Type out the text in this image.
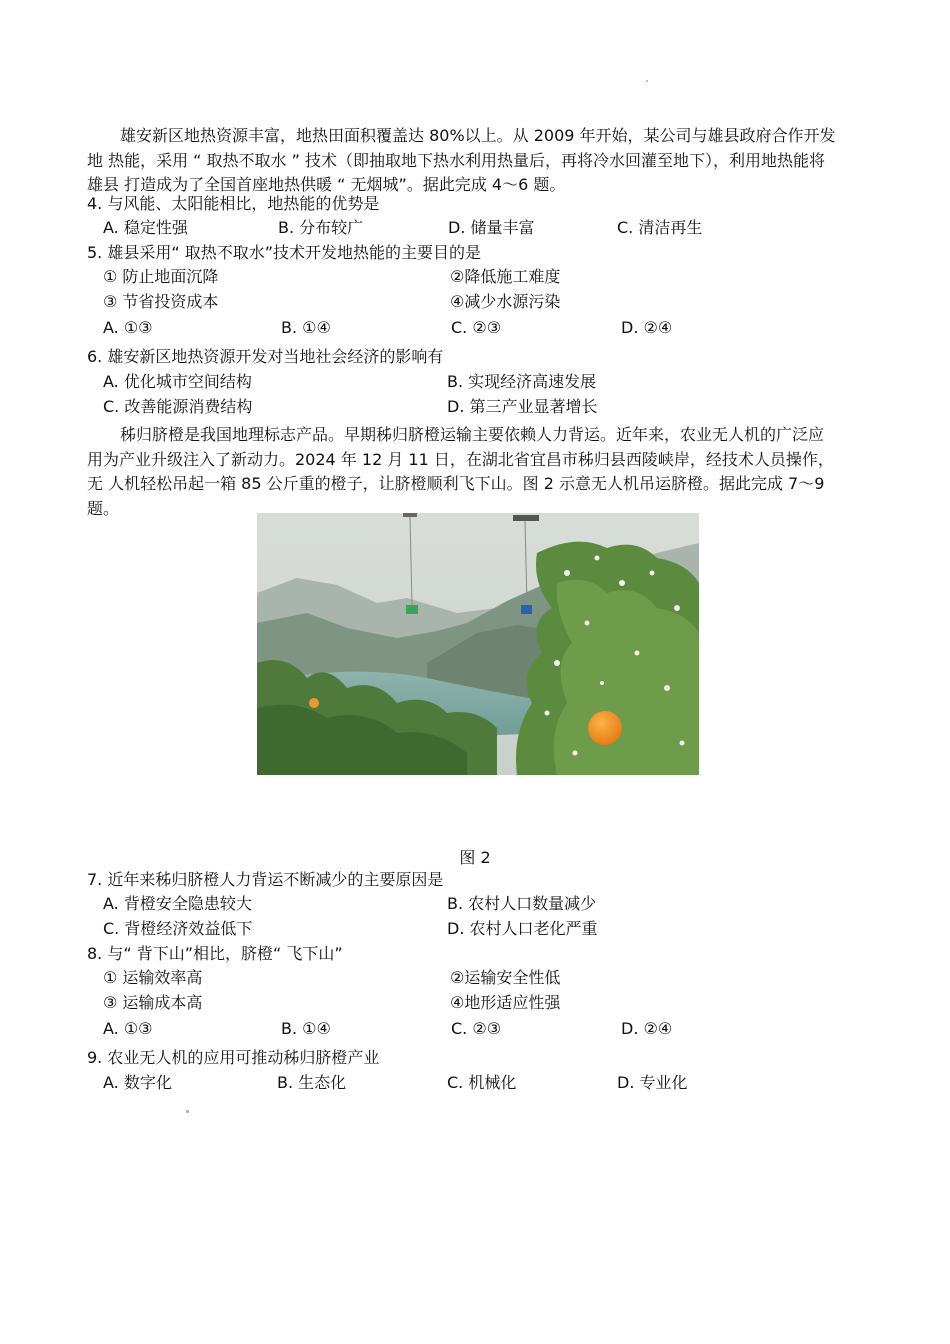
雄安新区地热资源丰富，地热田面积覆盖达 80%以上。从 2009 年开始，某公司与雄县政府合作开发
地 热能，采用 “ 取热不取水 ” 技术（即抽取地下热水利用热量后，再将冷水回灌至地下），利用地热能将
雄县 打造成为了全国首座地热供暖 “ 无烟城”。据此完成 4～6 题。
4. 与风能、太阳能相比，地热能的优势是
A. 稳定性强	B. 分布较广	D. 储量丰富	C. 清洁再生
5. 雄县采用“ 取热不取水”技术开发地热能的主要目的是
① 防止地面沉降	②降低施工难度
③ 节省投资成本	④减少水源污染
A. ①③	B. ①④	C. ②③	D. ②④
6. 雄安新区地热资源开发对当地社会经济的影响有
A. 优化城市空间结构	B. 实现经济高速发展
C. 改善能源消费结构	D. 第三产业显著增长
秭归脐橙是我国地理标志产品。早期秭归脐橙运输主要依赖人力背运。近年来，农业无人机的广泛应
用为产业升级注入了新动力。2024 年 12 月 11 日，在湖北省宜昌市秭归县西陵峡岸，经技术人员操作，
无 人机轻松吊起一箱 85 公斤重的橙子，让脐橙顺利飞下山。图 2 示意无人机吊运脐橙。据此完成 7～9
题。
图 2
7. 近年来秭归脐橙人力背运不断减少的主要原因是
A. 背橙安全隐患较大	B. 农村人口数量减少
C. 背橙经济效益低下	D. 农村人口老化严重
8. 与“ 背下山”相比，脐橙“ 飞下山”
① 运输效率高	②运输安全性低
③ 运输成本高	④地形适应性强
A. ①③	B. ①④	C. ②③	D. ②④
9. 农业无人机的应用可推动秭归脐橙产业
A. 数字化	B. 生态化	C. 机械化	D. 专业化
